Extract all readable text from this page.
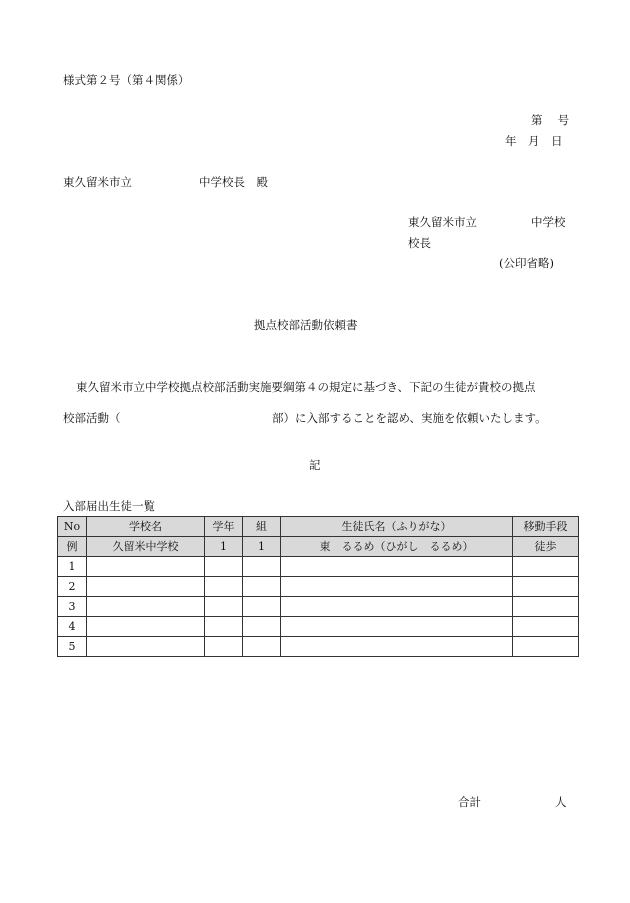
様式第２号（第４関係）
第　 号
年　月　日
東久留米市立	中学校長　殿
東久留米市立	中学校
校長
(公印省略)
拠点校部活動依頼書
東久留米市立中学校拠点校部活動実施要綱第４の規定に基づき、下記の生徒が貴校の拠点
校部活動（	部）に入部することを認め、実施を依頼いたします。
記
入部届出生徒一覧
No	学校名	学年	組	生徒氏名（ふりがな）	移動手段
例	久留米中学校	1	1	東　るるめ（ひがし　るるめ）	徒歩
1					
2					
3					
4					
5					
合計	人
